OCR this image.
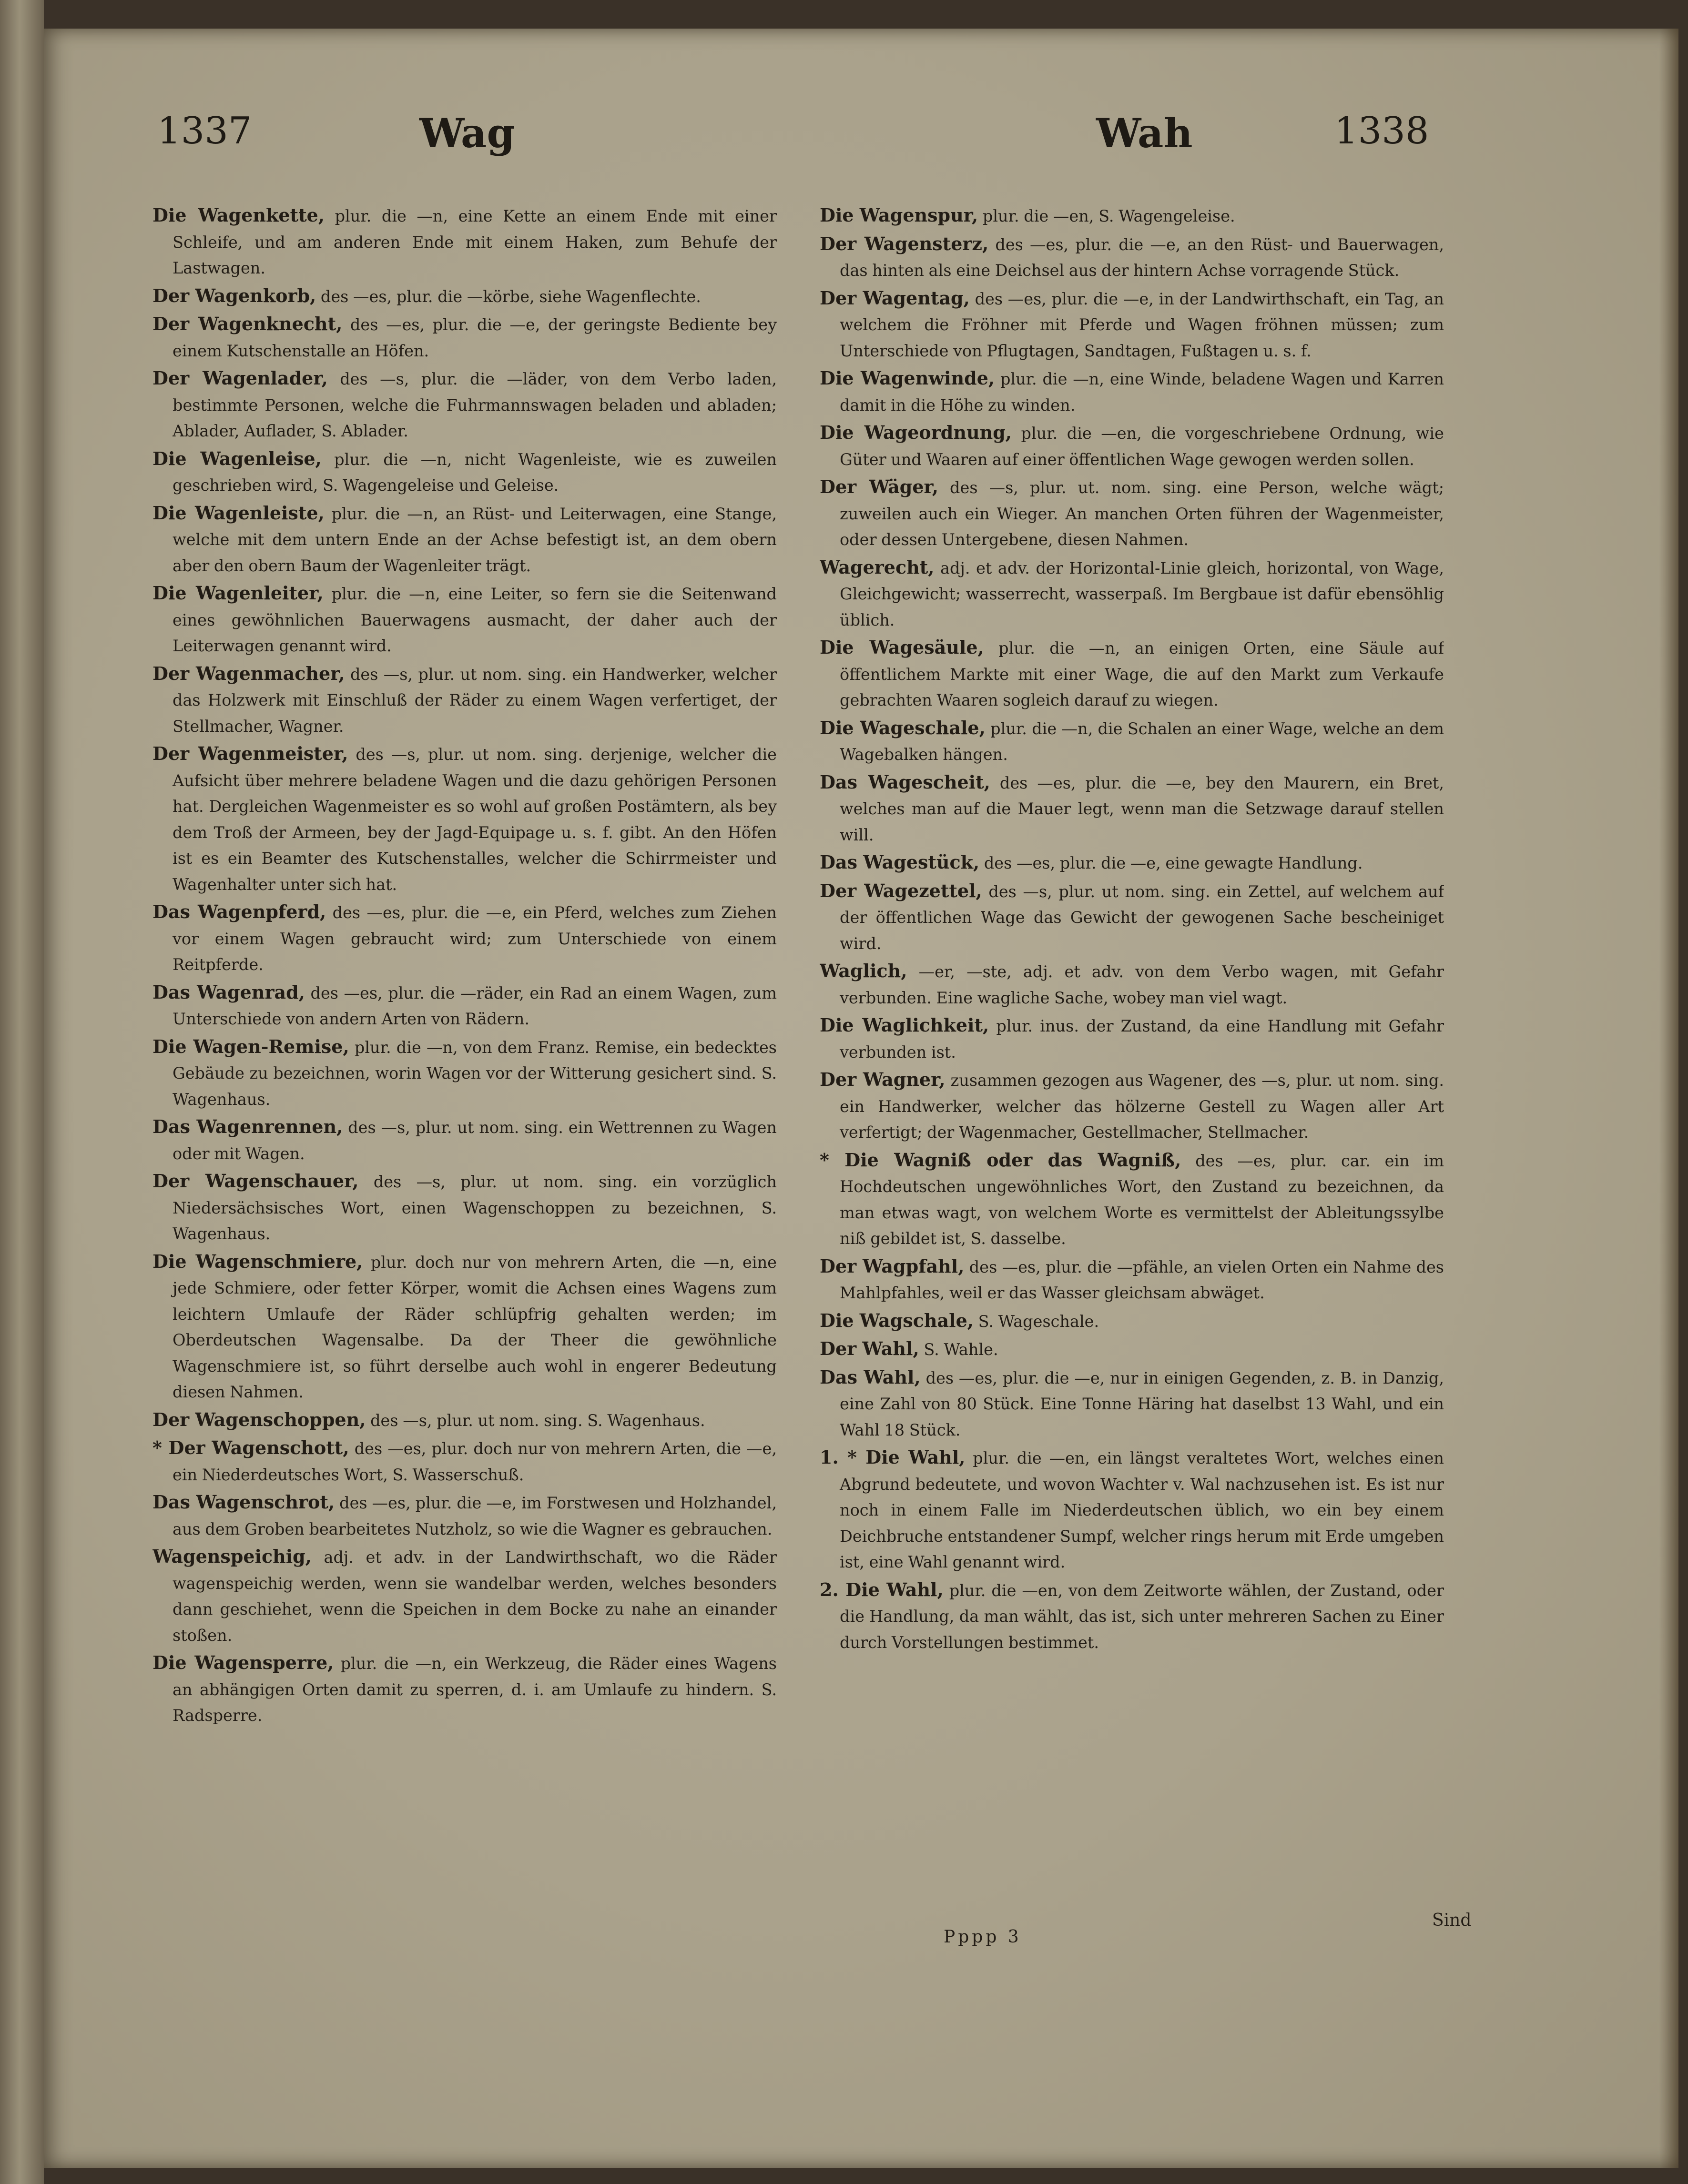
1337	Wag	Wah	1338

Die Wagenkette, plur. die —n, eine Kette an einem Ende mit einer Schleife, und am anderen Ende mit einem Haken, zum Behufe der Lastwagen.

Der Wagenkorb, des —es, plur. die —körbe, siehe Wagenflechte.

Der Wagenknecht, des —es, plur. die —e, der geringste Bediente bey einem Kutschenstalle an Höfen.

Der Wagenlader, des —s, plur. die —läder, von dem Verbo laden, bestimmte Personen, welche die Fuhrmannswagen beladen und abladen; Ablader, Auflader, S. Ablader.

Die Wagenleise, plur. die —n, nicht Wagenleiste, wie es zuweilen geschrieben wird, S. Wagengeleise und Geleise.

Die Wagenleiste, plur. die —n, an Rüst- und Leiterwagen, eine Stange, welche mit dem untern Ende an der Achse befestigt ist, an dem obern aber den obern Baum der Wagenleiter trägt.

Die Wagenleiter, plur. die —n, eine Leiter, so fern sie die Seitenwand eines gewöhnlichen Bauerwagens ausmacht, der daher auch der Leiterwagen genannt wird.

Der Wagenmacher, des —s, plur. ut nom. sing. ein Handwerker, welcher das Holzwerk mit Einschluß der Räder zu einem Wagen verfertiget, der Stellmacher, Wagner.

Der Wagenmeister, des —s, plur. ut nom. sing. derjenige, welcher die Aufsicht über mehrere beladene Wagen und die dazu gehörigen Personen hat. Dergleichen Wagenmeister es so wohl auf großen Postämtern, als bey dem Troß der Armeen, bey der Jagd-Equipage u. s. f. gibt. An den Höfen ist es ein Beamter des Kutschenstalles, welcher die Schirrmeister und Wagenhalter unter sich hat.

Das Wagenpferd, des —es, plur. die —e, ein Pferd, welches zum Ziehen vor einem Wagen gebraucht wird; zum Unterschiede von einem Reitpferde.

Das Wagenrad, des —es, plur. die —räder, ein Rad an einem Wagen, zum Unterschiede von andern Arten von Rädern.

Die Wagen-Remise, plur. die —n, von dem Franz. Remise, ein bedecktes Gebäude zu bezeichnen, worin Wagen vor der Witterung gesichert sind. S. Wagenhaus.

Das Wagenrennen, des —s, plur. ut nom. sing. ein Wettrennen zu Wagen oder mit Wagen.

Der Wagenschauer, des —s, plur. ut nom. sing. ein vorzüglich Niedersächsisches Wort, einen Wagenschoppen zu bezeichnen, S. Wagenhaus.

Die Wagenschmiere, plur. doch nur von mehrern Arten, die —n, eine jede Schmiere, oder fetter Körper, womit die Achsen eines Wagens zum leichtern Umlaufe der Räder schlüpfrig gehalten werden; im Oberdeutschen Wagensalbe. Da der Theer die gewöhnliche Wagenschmiere ist, so führt derselbe auch wohl in engerer Bedeutung diesen Nahmen.

Der Wagenschoppen, des —s, plur. ut nom. sing. S. Wagenhaus.

* Der Wagenschott, des —es, plur. doch nur von mehrern Arten, die —e, ein Niederdeutsches Wort, S. Wasserschuß.

Das Wagenschrot, des —es, plur. die —e, im Forstwesen und Holzhandel, aus dem Groben bearbeitetes Nutzholz, so wie die Wagner es gebrauchen.

Wagenspeichig, adj. et adv. in der Landwirthschaft, wo die Räder wagenspeichig werden, wenn sie wandelbar werden, welches besonders dann geschiehet, wenn die Speichen in dem Bocke zu nahe an einander stoßen.

Die Wagensperre, plur. die —n, ein Werkzeug, die Räder eines Wagens an abhängigen Orten damit zu sperren, d. i. am Umlaufe zu hindern. S. Radsperre.

Die Wagenspur, plur. die —en, S. Wagengeleise.

Der Wagensterz, des —es, plur. die —e, an den Rüst- und Bauerwagen, das hinten als eine Deichsel aus der hintern Achse vorragende Stück.

Der Wagentag, des —es, plur. die —e, in der Landwirthschaft, ein Tag, an welchem die Fröhner mit Pferde und Wagen fröhnen müssen; zum Unterschiede von Pflugtagen, Sandtagen, Fußtagen u. s. f.

Die Wagenwinde, plur. die —n, eine Winde, beladene Wagen und Karren damit in die Höhe zu winden.

Die Wageordnung, plur. die —en, die vorgeschriebene Ordnung, wie Güter und Waaren auf einer öffentlichen Wage gewogen werden sollen.

Der Wäger, des —s, plur. ut. nom. sing. eine Person, welche wägt; zuweilen auch ein Wieger. An manchen Orten führen der Wagenmeister, oder dessen Untergebene, diesen Nahmen.

Wagerecht, adj. et adv. der Horizontal-Linie gleich, horizontal, von Wage, Gleichgewicht; wasserrecht, wasserpaß. Im Bergbaue ist dafür ebensöhlig üblich.

Die Wagesäule, plur. die —n, an einigen Orten, eine Säule auf öffentlichem Markte mit einer Wage, die auf den Markt zum Verkaufe gebrachten Waaren sogleich darauf zu wiegen.

Die Wageschale, plur. die —n, die Schalen an einer Wage, welche an dem Wagebalken hängen.

Das Wagescheit, des —es, plur. die —e, bey den Maurern, ein Bret, welches man auf die Mauer legt, wenn man die Setzwage darauf stellen will.

Das Wagestück, des —es, plur. die —e, eine gewagte Handlung.

Der Wagezettel, des —s, plur. ut nom. sing. ein Zettel, auf welchem auf der öffentlichen Wage das Gewicht der gewogenen Sache bescheiniget wird.

Waglich, —er, —ste, adj. et adv. von dem Verbo wagen, mit Gefahr verbunden. Eine wagliche Sache, wobey man viel wagt.

Die Waglichkeit, plur. inus. der Zustand, da eine Handlung mit Gefahr verbunden ist.

Der Wagner, zusammen gezogen aus Wagener, des —s, plur. ut nom. sing. ein Handwerker, welcher das hölzerne Gestell zu Wagen aller Art verfertigt; der Wagenmacher, Gestellmacher, Stellmacher.

* Die Wagniß oder das Wagniß, des —es, plur. car. ein im Hochdeutschen ungewöhnliches Wort, den Zustand zu bezeichnen, da man etwas wagt, von welchem Worte es vermittelst der Ableitungssylbe niß gebildet ist, S. dasselbe.

Der Wagpfahl, des —es, plur. die —pfähle, an vielen Orten ein Nahme des Mahlpfahles, weil er das Wasser gleichsam abwäget.

Die Wagschale, S. Wageschale.

Der Wahl, S. Wahle.

Das Wahl, des —es, plur. die —e, nur in einigen Gegenden, z. B. in Danzig, eine Zahl von 80 Stück. Eine Tonne Häring hat daselbst 13 Wahl, und ein Wahl 18 Stück.

1. * Die Wahl, plur. die —en, ein längst veraltetes Wort, welches einen Abgrund bedeutete, und wovon Wachter v. Wal nachzusehen ist. Es ist nur noch in einem Falle im Niederdeutschen üblich, wo ein bey einem Deichbruche entstandener Sumpf, welcher rings herum mit Erde umgeben ist, eine Wahl genannt wird.

2. Die Wahl, plur. die —en, von dem Zeitworte wählen, der Zustand, oder die Handlung, da man wählt, das ist, sich unter mehreren Sachen zu Einer durch Vorstellungen bestimmet.

Pppp 3
Sind
